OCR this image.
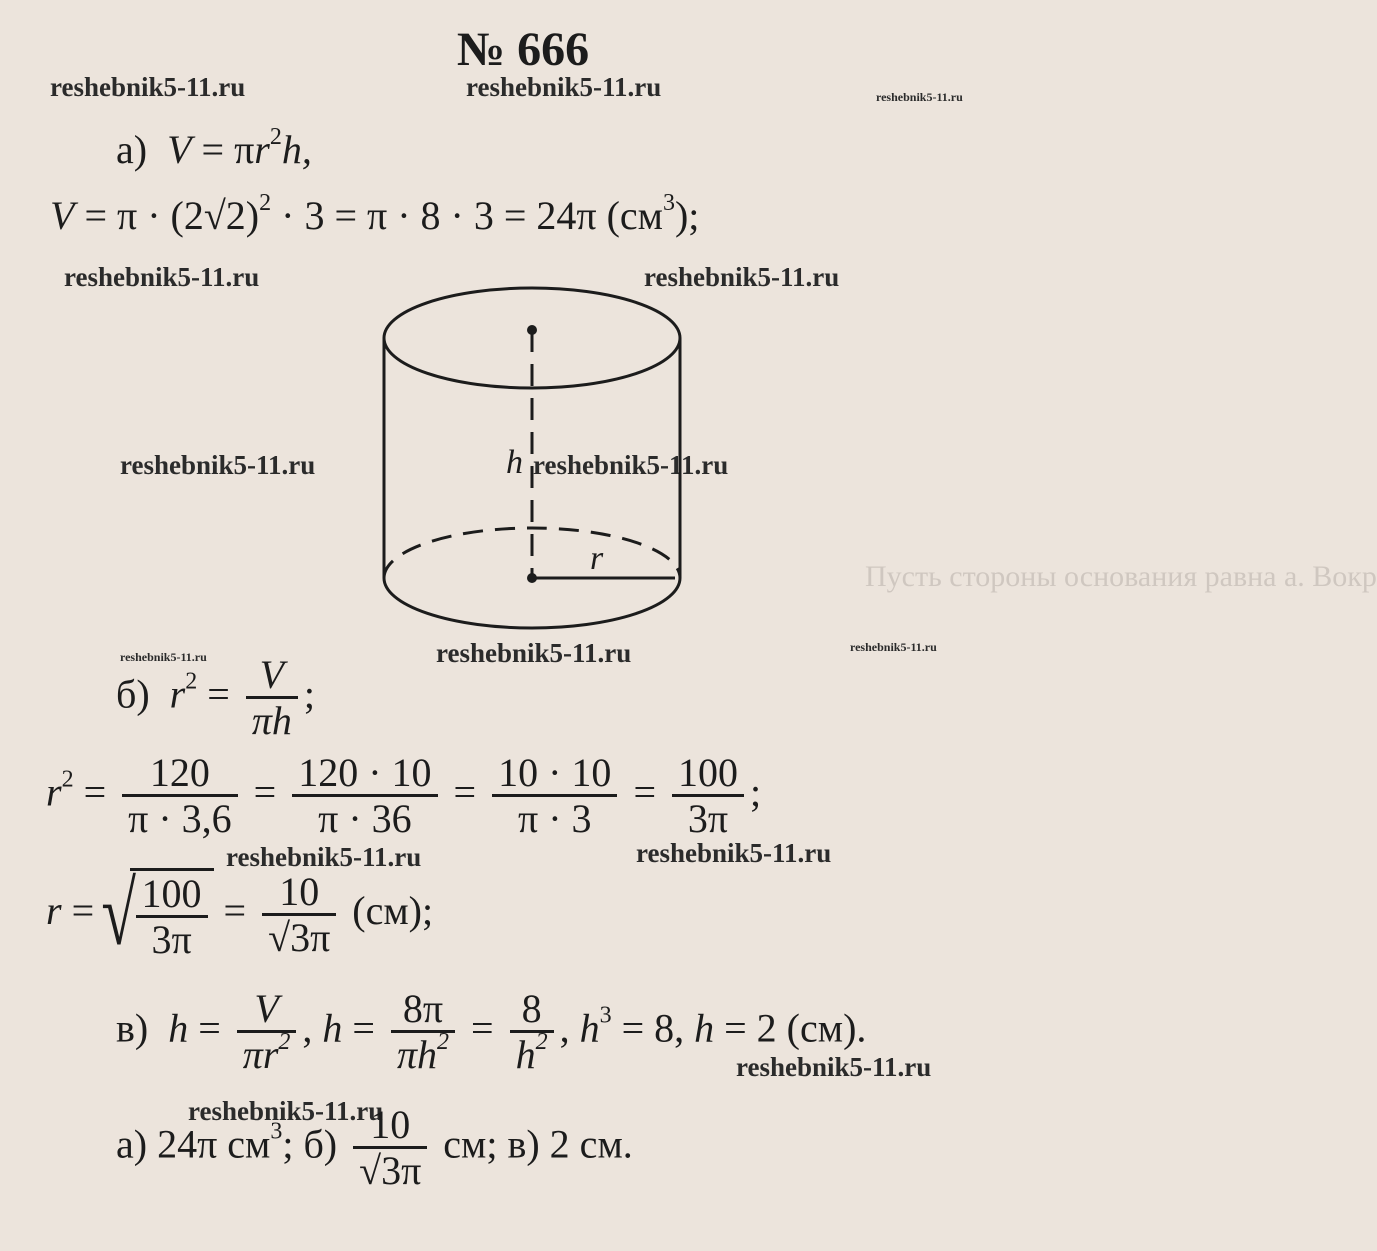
Пусть стороны основания равна a. Вокр
№ 666
reshebnik5-11.ru	reshebnik5-11.ru	reshebnik5-11.ru
reshebnik5-11.ru	reshebnik5-11.ru
reshebnik5-11.ru	reshebnik5-11.ru
reshebnik5-11.ru	reshebnik5-11.ru	reshebnik5-11.ru
reshebnik5-11.ru	reshebnik5-11.ru
reshebnik5-11.ru
reshebnik5-11.ru
а) $V = \pi r^2h$,
$V = \pi \cdot (2√2)^2 \cdot 3 = \pi \cdot 8 \cdot 3 = 24\pi$ $(см^3)$;
h
r
б) $r^2 = \frac{V}{\pi h}$ ;
$r^2 = \frac{120}{\pi \cdot 3,6} = \frac{120 \cdot 10}{\pi \cdot 36} = \frac{10 \cdot 10}{\pi \cdot 3} = \frac{100}{3\pi}$ ;
r =√ $\frac{100}{3\pi} = \frac{10}{√3\pi} (см)$;
в) $h = \frac{V}{\pi r^2}$ , $h = \frac{8\pi}{\pi h^2} = \frac{8}{h^2}$ , $h^3 = 8$, h = 2 (см).
а) 24π $см^3$; $б) \frac{10}{√3\pi}$ см; в) 2 см.
